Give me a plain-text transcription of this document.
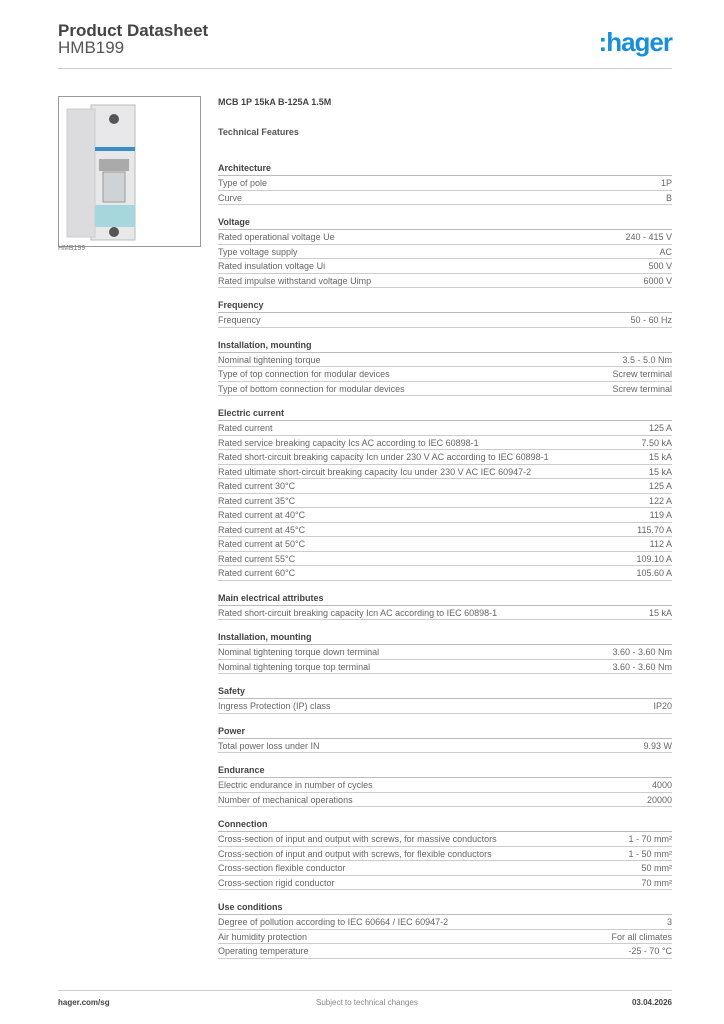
Product Datasheet
HMB199	:hager
HMB199
MCB 1P 15kA B-125A 1.5M
Technical Features
Architecture
Type of pole	1P
Curve	B
Voltage
Rated operational voltage Ue	240 - 415 V
Type voltage supply	AC
Rated insulation voltage Ui	500 V
Rated impulse withstand voltage Uimp	6000 V
Frequency
Frequency	50 - 60 Hz
Installation, mounting
Nominal tightening torque	3.5 - 5.0 Nm
Type of top connection for modular devices	Screw terminal
Type of bottom connection for modular devices	Screw terminal
Electric current
Rated current	125 A
Rated service breaking capacity Ics AC according to IEC 60898-1	7.50 kA
Rated short-circuit breaking capacity Icn under 230 V AC according to IEC 60898-1	15 kA
Rated ultimate short-circuit breaking capacity Icu under 230 V AC IEC 60947-2	15 kA
Rated current 30°C	125 A
Rated current 35°C	122 A
Rated current at 40°C	119 A
Rated current at 45°C	115.70 A
Rated current at 50°C	112 A
Rated current 55°C	109.10 A
Rated current 60°C	105.60 A
Main electrical attributes
Rated short-circuit breaking capacity Icn AC according to IEC 60898-1	15 kA
Installation, mounting
Nominal tightening torque down terminal	3.60 - 3.60 Nm
Nominal tightening torque top terminal	3.60 - 3.60 Nm
Safety
Ingress Protection (IP) class	IP20
Power
Total power loss under IN	9.93 W
Endurance
Electric endurance in number of cycles	4000
Number of mechanical operations	20000
Connection
Cross-section of input and output with screws, for massive conductors	1 - 70 mm²
Cross-section of input and output with screws, for flexible conductors	1 - 50 mm²
Cross-section flexible conductor	50 mm²
Cross-section rigid conductor	70 mm²
Use conditions
Degree of pollution according to IEC 60664 / IEC 60947-2	3
Air humidity protection	For all climates
Operating temperature	-25 - 70 °C
hager.com/sg	Subject to technical changes	03.04.2026
